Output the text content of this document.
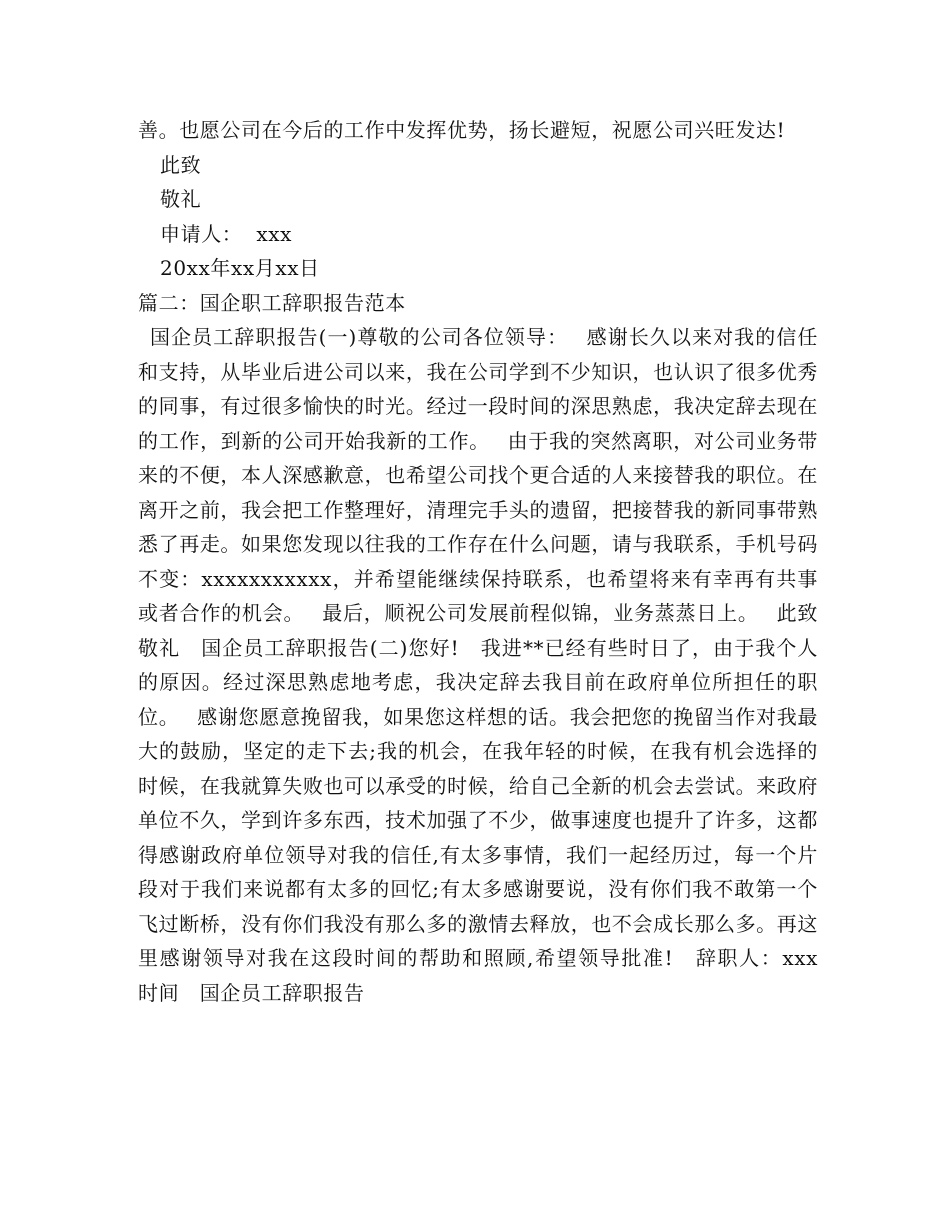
善。也愿公司在今后的工作中发挥优势，扬长避短，祝愿公司兴旺发达!
此致
敬礼
申请人：  xxx
20xx年xx月xx日
篇二：国企职工辞职报告范本
国企员工辞职报告(一)尊敬的公司各位领导：　 感谢长久以来对我的信任和支持，从毕业后进公司以来，我在公司学到不少知识，也认识了很多优秀的同事，有过很多愉快的时光。经过一段时间的深思熟虑，我决定辞去现在的工作，到新的公司开始我新的工作。　 由于我的突然离职，对公司业务带来的不便，本人深感歉意，也希望公司找个更合适的人来接替我的职位。在离开之前，我会把工作整理好，清理完手头的遗留，把接替我的新同事带熟悉了再走。如果您发现以往我的工作存在什么问题，请与我联系，手机号码不变：xxxxxxxxxxx，并希望能继续保持联系，也希望将来有幸再有共事或者合作的机会。　 最后，顺祝公司发展前程似锦，业务蒸蒸日上。　 此致敬礼　国企员工辞职报告(二)您好!　我进**已经有些时日了，由于我个人的原因。经过深思熟虑地考虑，我决定辞去我目前在政府单位所担任的职位。　 感谢您愿意挽留我，如果您这样想的话。我会把您的挽留当作对我最大的鼓励，坚定的走下去;我的机会，在我年轻的时候，在我有机会选择的时候，在我就算失败也可以承受的时候，给自己全新的机会去尝试。来政府单位不久，学到许多东西，技术加强了不少，做事速度也提升了许多，这都得感谢政府单位领导对我的信任,有太多事情，我们一起经历过，每一个片段对于我们来说都有太多的回忆;有太多感谢要说，没有你们我不敢第一个飞过断桥，没有你们我没有那么多的激情去释放，也不会成长那么多。再这里感谢领导对我在这段时间的帮助和照顾,希望领导批准!　辞职人：xxx　时间　国企员工辞职报告
